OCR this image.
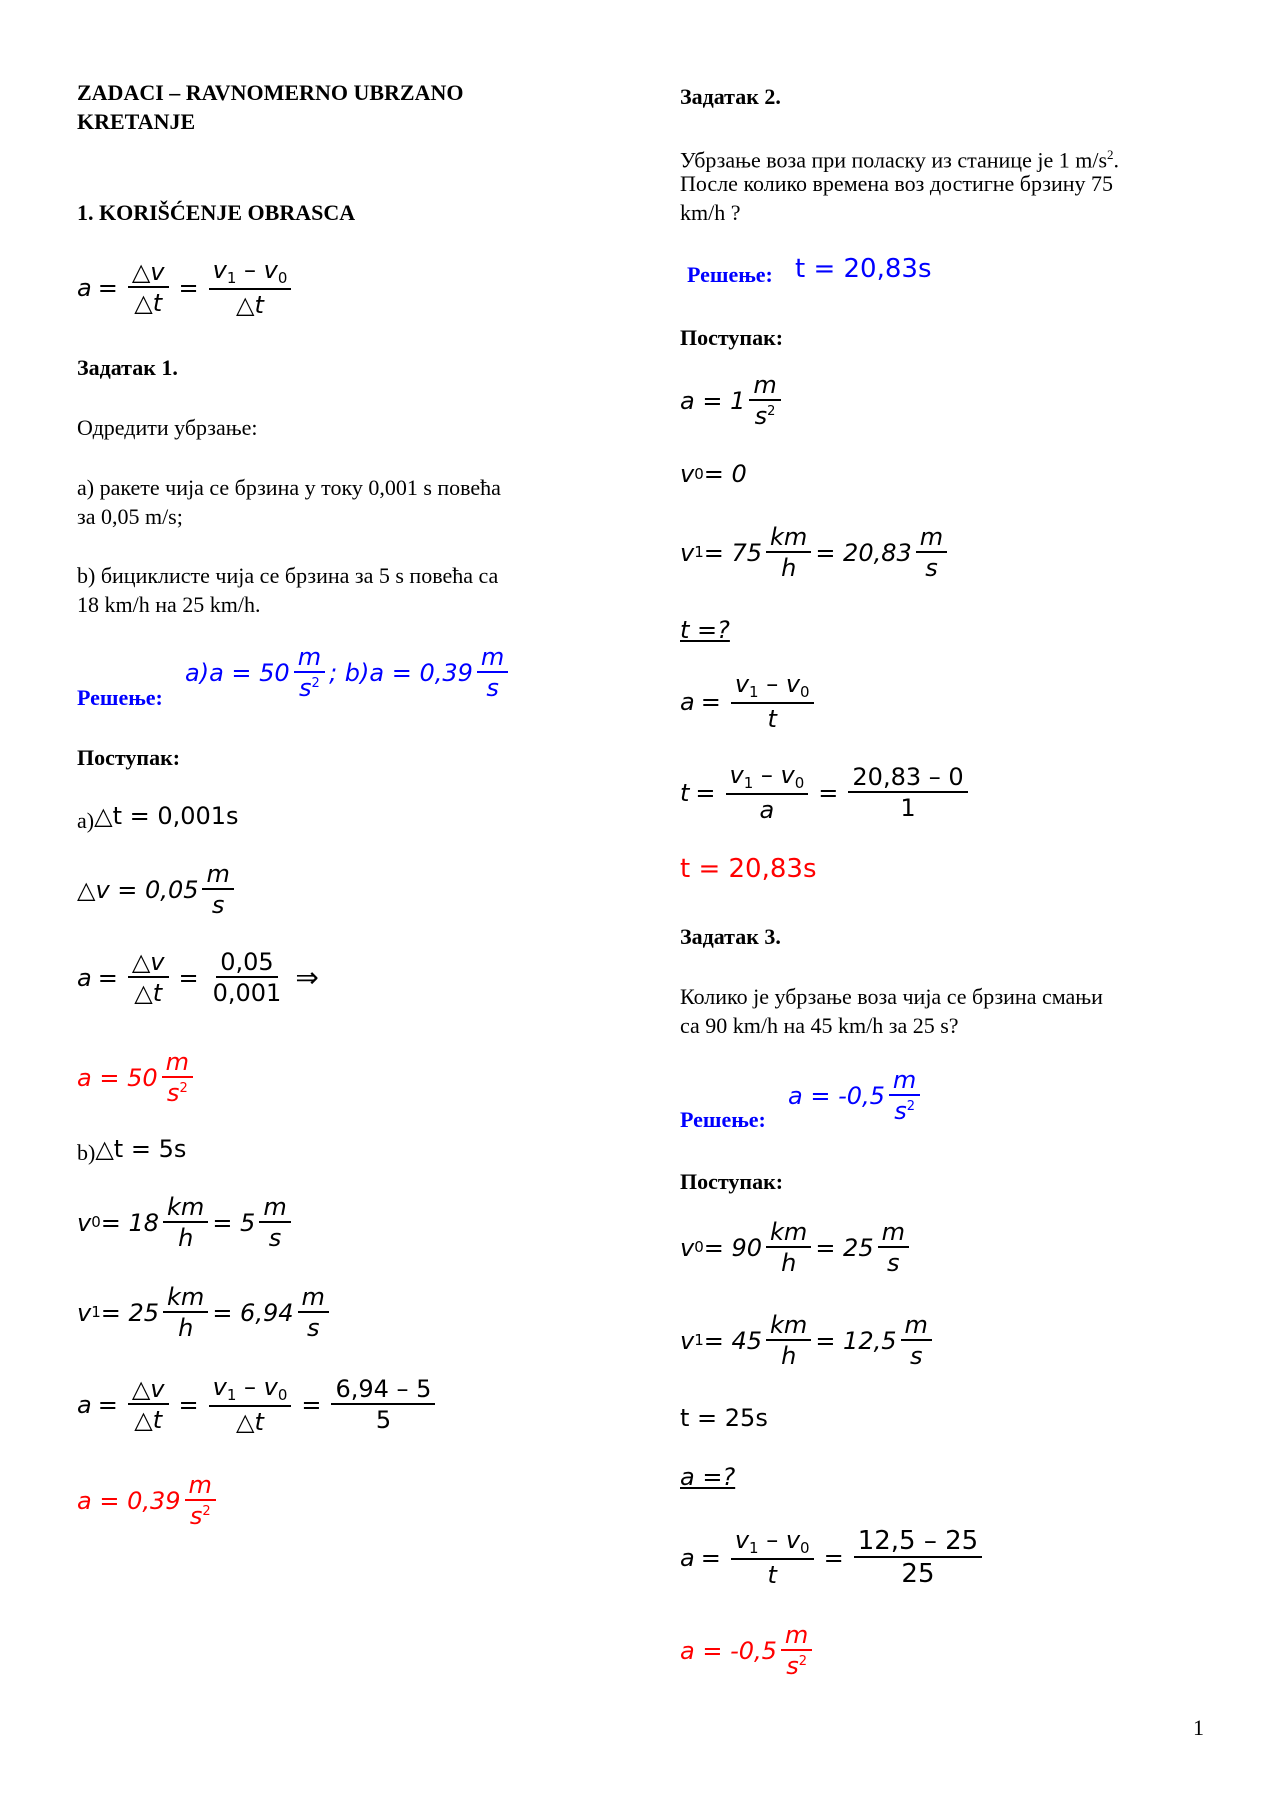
ZADACI – RAVNOMERNO UBRZANO
KRETANJE
1. KORIŠĆENJE OBRASCA
$a = \frac{\triangle v}{\triangle t} = \frac{v_1 - v_0}{\triangle t}$
Задатак 1.
Одредити убрзање:
а) ракете чија се брзина у току 0,001 s повећа
за 0,05 m/s;
b) бициклисте чија се брзина за 5 s повећа са
18 km/h на 25 km/h.
Решење:
$a)a = 50 \frac{m}{s^2}$ ; $b)a = 0,39 \frac{m}{s}$
Поступак:
a) △ t = 0,001s
△ $v = 0,05 \frac{m}{s}$
$a = \frac{\triangle v}{\triangle t} = \frac{0,05}{0,001}$ ⇒
$a = 50 \frac{m}{s^2}$
b) △ t = 5s
v $0 = 18 \frac{km}{h} = 5 \frac{m}{s}$
v $1 = 25 \frac{km}{h} = 6,94 \frac{m}{s}$
$a = \frac{\triangle v}{\triangle t} = \frac{v_1 - v_0}{\triangle t} = \frac{6,94 - 5}{5}$
$a = 0,39 \frac{m}{s^2}$
Задатак 2.
Убрзање воза при поласку из станице је 1 $m/s^2$.
После колико времена воз достигне брзину 75
km/h ?
Решење: t = 20,83s
Поступак:
$a = 1 \frac{m}{s^2}$
v 0 = 0
v $1 = 75 \frac{km}{h} = 20,83 \frac{m}{s}$
t =?
$a = \frac{v_1 - v_0}{t}$
$t = \frac{v_1 - v_0}{a} = \frac{20,83 - 0}{1}$
t = 20,83s
Задатак 3.
Колико је убрзање воза чија се брзина смањи
са 90 km/h на 45 km/h за 25 s?
Решење:
$a = -0,5 \frac{m}{s^2}$
Поступак:
v $0 = 90 \frac{km}{h} = 25 \frac{m}{s}$
v $1 = 45 \frac{km}{h} = 12,5 \frac{m}{s}$
t = 25s
a =?
$a = \frac{v_1 - v_0}{t} = \frac{12,5 - 25}{25}$
$a = -0,5 \frac{m}{s^2}$
1
